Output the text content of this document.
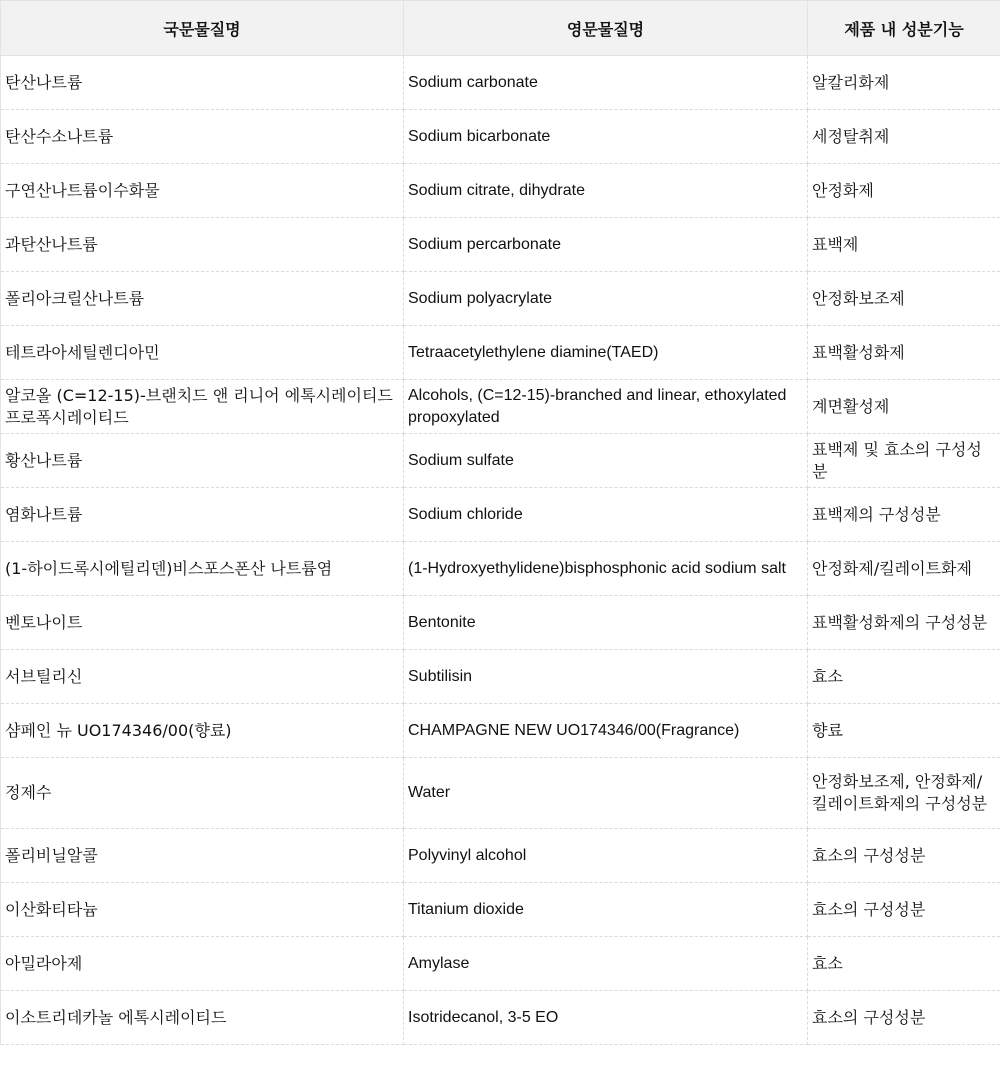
국문물질명	영문물질명	제품 내 성분기능
탄산나트륨	Sodium carbonate	알칼리화제
탄산수소나트륨	Sodium bicarbonate	세정탈취제
구연산나트륨이수화물	Sodium citrate, dihydrate	안정화제
과탄산나트륨	Sodium percarbonate	표백제
폴리아크릴산나트륨	Sodium polyacrylate	안정화보조제
테트라아세틸렌디아민	Tetraacetylethylene diamine(TAED)	표백활성화제
알코올 (C=12-15)-브랜치드 앤 리니어 에톡시레이티드 프로폭시레이티드	Alcohols, (C=12-15)-branched and linear, ethoxylated propoxylated	계면활성제
황산나트륨	Sodium sulfate	표백제 및 효소의 구성성분
염화나트륨	Sodium chloride	표백제의 구성성분
(1-하이드록시에틸리덴)비스포스폰산 나트륨염	(1-Hydroxyethylidene)bisphosphonic acid sodium salt	안정화제/킬레이트화제
벤토나이트	Bentonite	표백활성화제의 구성성분
서브틸리신	Subtilisin	효소
샴페인 뉴 UO174346/00(향료)	CHAMPAGNE NEW UO174346/00(Fragrance)	향료
정제수	Water	안정화보조제, 안정화제/킬레이트화제의 구성성분
폴리비닐알콜	Polyvinyl alcohol	효소의 구성성분
이산화티타늄	Titanium dioxide	효소의 구성성분
아밀라아제	Amylase	효소
이소트리데카놀 에톡시레이티드	Isotridecanol, 3-5 EO	효소의 구성성분
